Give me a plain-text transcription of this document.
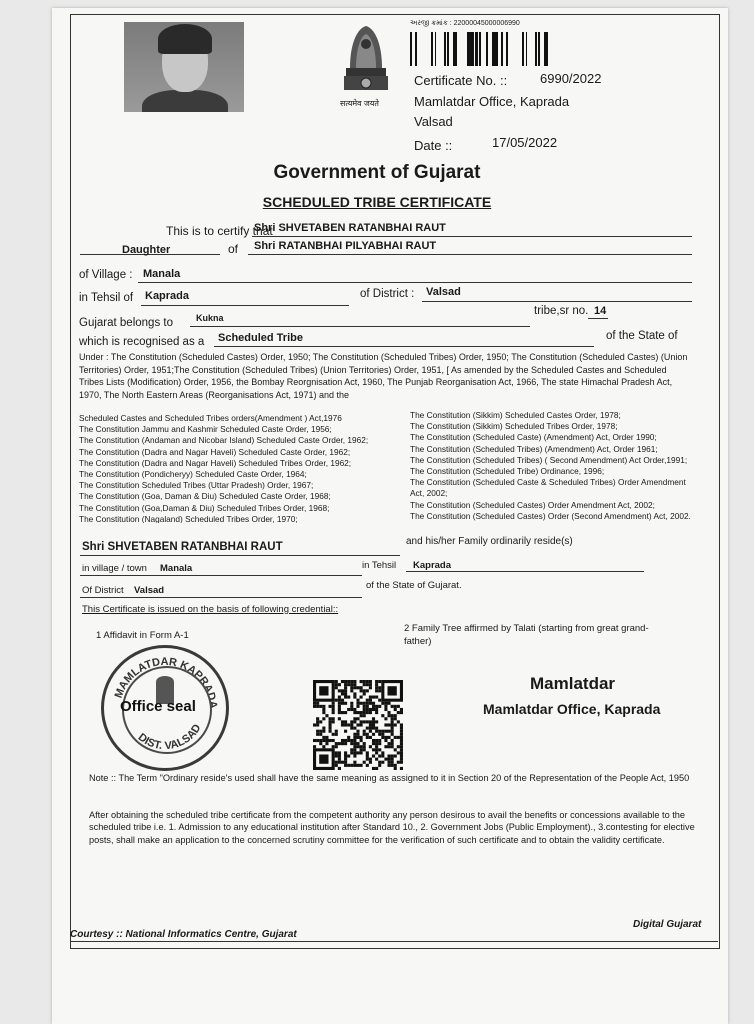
सत्यमेव जयते
અરજી ક્રમાંક : 22000045000006990
Certificate No. ::	6990/2022
Mamlatdar Office, Kaprada
Valsad
Date ::	17/05/2022
Government of Gujarat
SCHEDULED TRIBE CERTIFICATE
This is to certify that
Shri SHVETABEN RATANBHAI RAUT
Daughter	of Shri RATANBHAI PILYABHAI RAUT
of Village : Manala
in Tehsil of Kaprada	of District : Valsad
Gujarat belongs to	Kukna
tribe,sr no. 14
which is recognised as a Scheduled Tribe	of the State of
Under : The Constitution (Scheduled Castes) Order, 1950; The Constitution (Scheduled Tribes) Order, 1950; The Constitution (Scheduled Castes) (Union Territories) Order, 1951;The Constitution (Scheduled Tribes) (Union Territories) Order, 1951, [ As amended by the Scheduled Castes and Scheduled Tribes Lists (Modification) Order, 1956, the Bombay Reorgnisation Act, 1960, The Punjab Reorganisation Act, 1966, The state Himachal Pradesh Act, 1970, The North Eastern Areas (Reorganisations Act, 1971) and the
Scheduled Castes and Scheduled Tribes orders(Amendment ) Act,1976
The Constitution Jammu and Kashmir Scheduled Caste Order, 1956;
The Constitution (Andaman and Nicobar Island) Scheduled Caste Order, 1962;
The Constitution (Dadra and Nagar Haveli) Scheduled Caste Order, 1962;
The Constitution (Dadra and Nagar Haveli) Scheduled Tribes Order, 1962;
The Constitution (Pondicheryy) Scheduled Caste Order, 1964;
The Constitution Scheduled Tribes (Uttar Pradesh) Order, 1967;
The Constitution (Goa, Daman & Diu) Scheduled Caste Order, 1968;
The Constitution (Goa,Daman & Diu) Scheduled Tribes Order, 1968;
The Constitution (Nagaland) Scheduled Tribes Order, 1970;
The Constitution (Sikkim) Scheduled Castes Order, 1978;
The Constitution (Sikkim) Scheduled Tribes Order, 1978;
The Constitution (Scheduled Caste) (Amendment) Act, Order 1990;
The Constitution (Scheduled Tribes) (Amendment) Act, Order 1961;
The Constitution (Scheduled Tribes) ( Second Amendment) Act Order,1991;
The Constitution (Scheduled Tribe) Ordinance, 1996;
The Constitution (Scheduled Caste & Scheduled Tribes) Order Amendment
Act, 2002;
The Constitution (Scheduled Castes) Order Amendment Act, 2002;
The Constitution (Scheduled Castes) Order (Second Amendment) Act, 2002.
Shri SHVETABEN RATANBHAI RAUT	and his/her Family ordinarily reside(s)
in village / town Manala	in Tehsil Kaprada
Of District Valsad	of the State of Gujarat.
This Certificate is issued on the basis of following credential::
1 Affidavit in Form A-1
2 Family Tree affirmed by Talati (starting from great grand-father)
MAMLATDAR KAPRADA
DIST. VALSAD
Office seal
Mamlatdar
Mamlatdar Office, Kaprada
Note :: The Term "Ordinary reside's used shall have the same meaning as assigned to it in Section 20 of the Representation of the People Act, 1950
After obtaining the scheduled tribe certificate from the competent authority any person desirous to avail the benefits or concessions available to the scheduled tribe i.e. 1. Admission to any educational institution after Standard 10., 2. Government Jobs (Public Employment)., 3.contesting for elective posts, shall make an application to the concerned scrutiny committee for the verification of such certificate and to obtain the validity certificate.
Courtesy :: National Informatics Centre, Gujarat
Digital Gujarat
